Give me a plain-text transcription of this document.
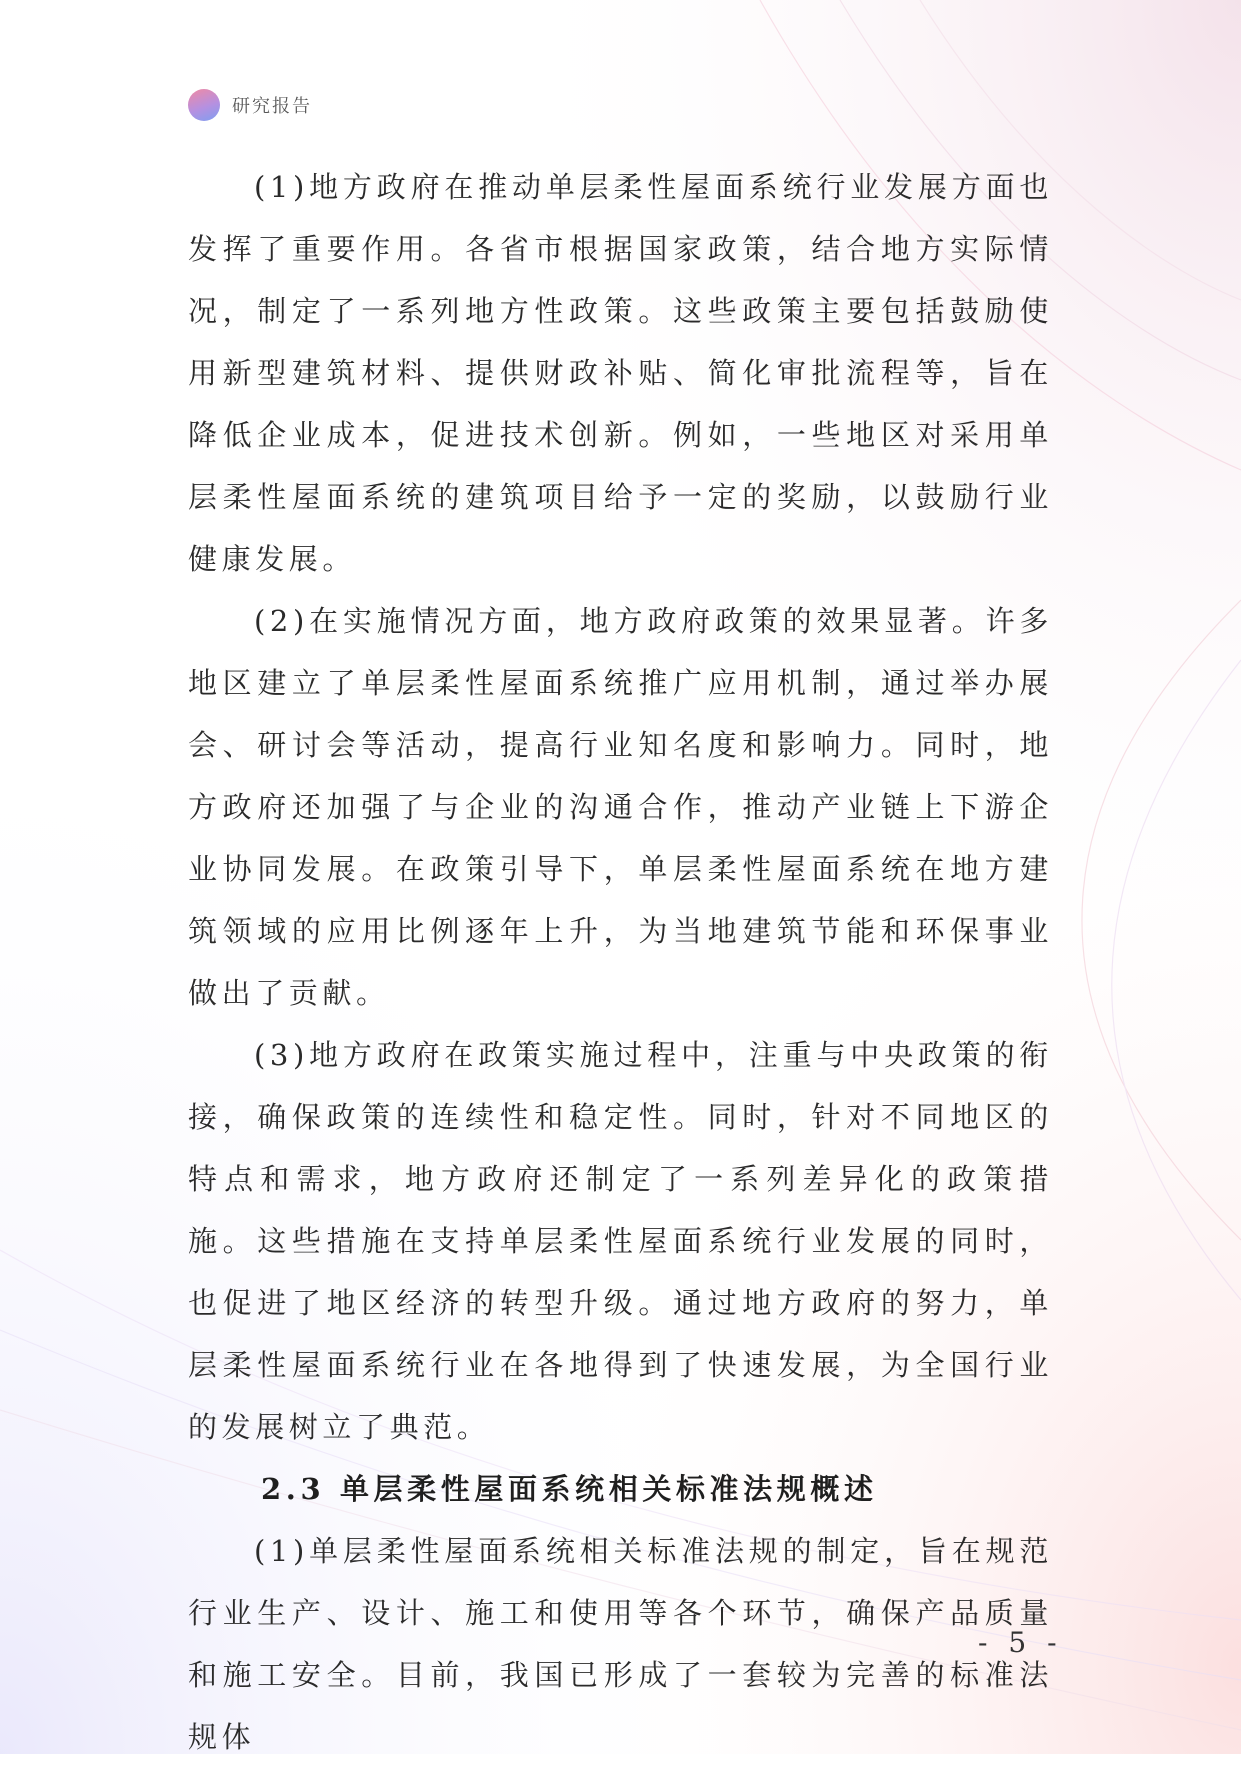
研究报告

(1)地方政府在推动单层柔性屋面系统行业发展方面也发挥了重要作用。各省市根据国家政策，结合地方实际情况，制定了一系列地方性政策。这些政策主要包括鼓励使用新型建筑材料、提供财政补贴、简化审批流程等，旨在降低企业成本，促进技术创新。例如，一些地区对采用单层柔性屋面系统的建筑项目给予一定的奖励，以鼓励行业健康发展。

(2)在实施情况方面，地方政府政策的效果显著。许多地区建立了单层柔性屋面系统推广应用机制，通过举办展会、研讨会等活动，提高行业知名度和影响力。同时，地方政府还加强了与企业的沟通合作，推动产业链上下游企业协同发展。在政策引导下，单层柔性屋面系统在地方建筑领域的应用比例逐年上升，为当地建筑节能和环保事业做出了贡献。

(3)地方政府在政策实施过程中，注重与中央政策的衔接，确保政策的连续性和稳定性。同时，针对不同地区的特点和需求，地方政府还制定了一系列差异化的政策措施。这些措施在支持单层柔性屋面系统行业发展的同时，也促进了地区经济的转型升级。通过地方政府的努力，单层柔性屋面系统行业在各地得到了快速发展，为全国行业的发展树立了典范。

2.3 单层柔性屋面系统相关标准法规概述

(1)单层柔性屋面系统相关标准法规的制定，旨在规范行业生产、设计、施工和使用等各个环节，确保产品质量和施工安全。目前，我国已形成了一套较为完善的标准法规体

- 5 -
